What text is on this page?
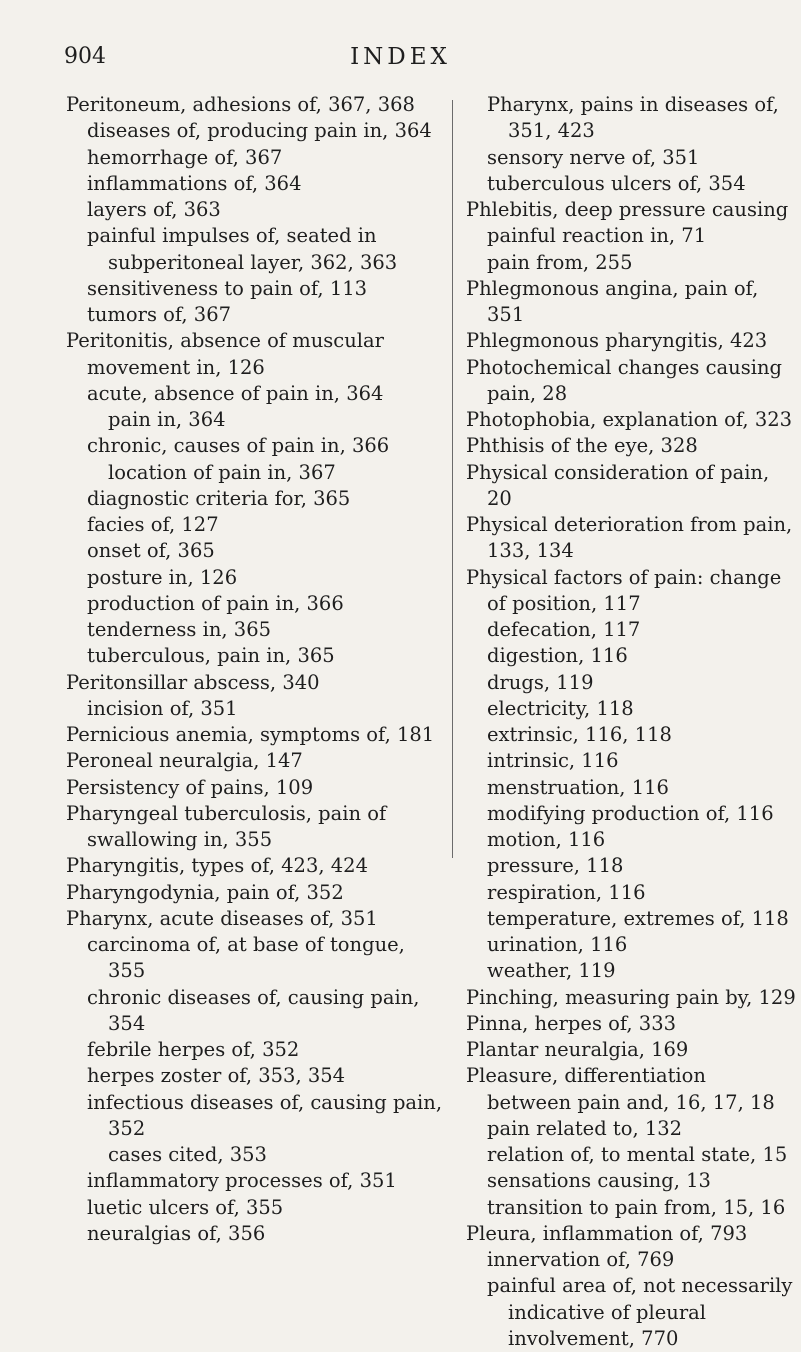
904	INDEX

Peritoneum, adhesions of, 367, 368

diseases of, producing pain in, 364

hemorrhage of, 367

inflammations of, 364

layers of, 363

painful impulses of, seated in subperitoneal layer, 362, 363

sensitiveness to pain of, 113

tumors of, 367

Peritonitis, absence of muscular movement in, 126

acute, absence of pain in, 364

pain in, 364

chronic, causes of pain in, 366

location of pain in, 367

diagnostic criteria for, 365

facies of, 127

onset of, 365

posture in, 126

production of pain in, 366

tenderness in, 365

tuberculous, pain in, 365

Peritonsillar abscess, 340

incision of, 351

Pernicious anemia, symptoms of, 181

Peroneal neuralgia, 147

Persistency of pains, 109

Pharyngeal tuberculosis, pain of swallowing in, 355

Pharyngitis, types of, 423, 424

Pharyngodynia, pain of, 352

Pharynx, acute diseases of, 351

carcinoma of, at base of tongue, 355

chronic diseases of, causing pain, 354

febrile herpes of, 352

herpes zoster of, 353, 354

infectious diseases of, causing pain, 352

cases cited, 353

inflammatory processes of, 351

luetic ulcers of, 355

neuralgias of, 356

Pharynx, pains in diseases of, 351, 423

sensory nerve of, 351

tuberculous ulcers of, 354

Phlebitis, deep pressure causing painful reaction in, 71

pain from, 255

Phlegmonous angina, pain of, 351

Phlegmonous pharyngitis, 423

Photochemical changes causing pain, 28

Photophobia, explanation of, 323

Phthisis of the eye, 328

Physical consideration of pain, 20

Physical deterioration from pain, 133, 134

Physical factors of pain: change of position, 117

defecation, 117

digestion, 116

drugs, 119

electricity, 118

extrinsic, 116, 118

intrinsic, 116

menstruation, 116

modifying production of, 116

motion, 116

pressure, 118

respiration, 116

temperature, extremes of, 118

urination, 116

weather, 119

Pinching, measuring pain by, 129

Pinna, herpes of, 333

Plantar neuralgia, 169

Pleasure, differentiation between pain and, 16, 17, 18

pain related to, 132

relation of, to mental state, 15

sensations causing, 13

transition to pain from, 15, 16

Pleura, inflammation of, 793

innervation of, 769

painful area of, not necessarily indicative of pleural involvement, 770
